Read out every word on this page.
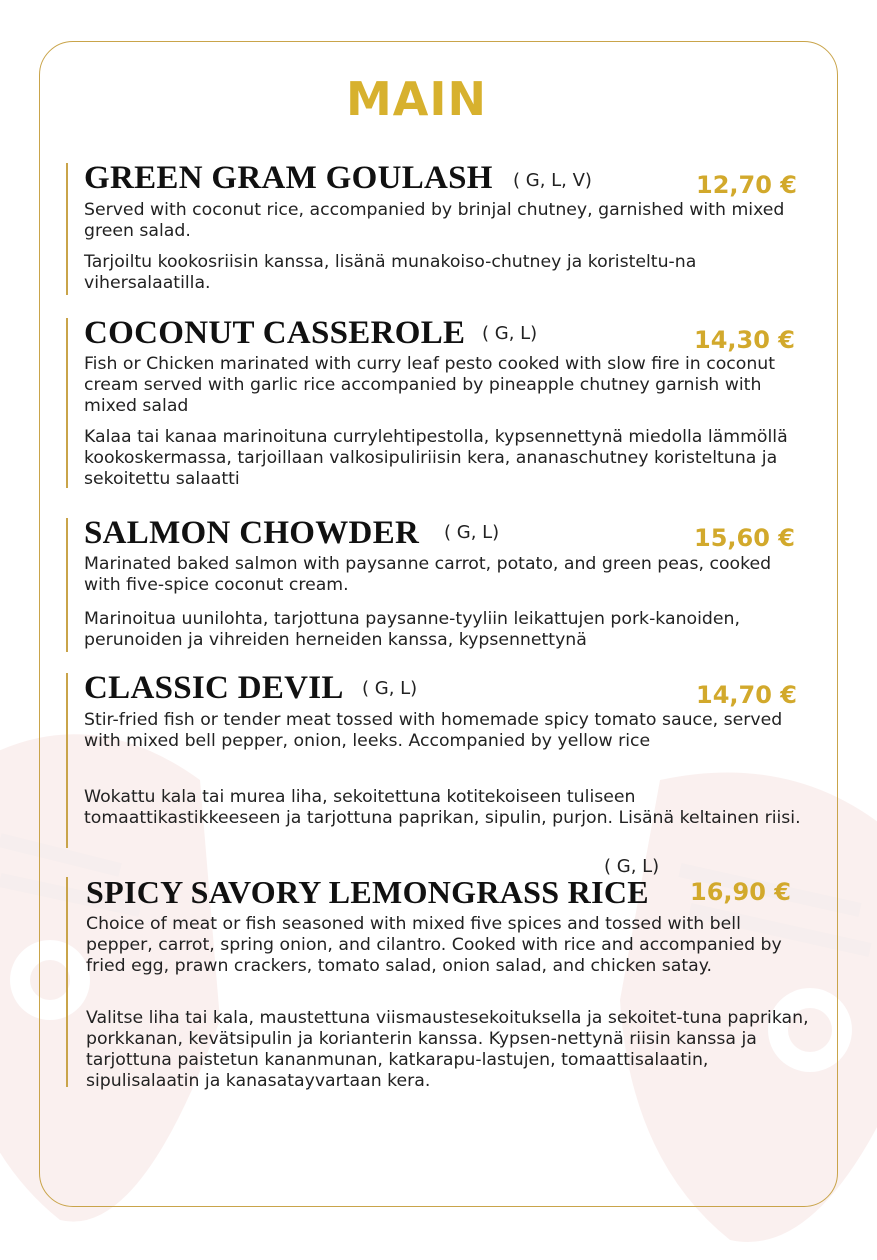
MAIN
GREEN GRAM GOULASH ( G, L, V)	12,70 €
Served with coconut rice, accompanied by brinjal chutney, garnished with mixed green salad.
Tarjoiltu kookosriisin kanssa, lisänä munakoiso-chutney ja koristeltu-na vihersalaatilla.
COCONUT CASSEROLE ( G, L)	14,30 €
Fish or Chicken marinated with curry leaf pesto cooked with slow fire in coconut cream served with garlic rice accompanied by pineapple chutney garnish with mixed salad
Kalaa tai kanaa marinoituna currylehtipestolla, kypsennettynä miedolla lämmöllä kookoskermassa, tarjoillaan valkosipuliriisin kera, ananaschutney koristeltuna ja sekoitettu salaatti
SALMON CHOWDER ( G, L)	15,60 €
Marinated baked salmon with paysanne carrot, potato, and green peas, cooked with five-spice coconut cream.
Marinoitua uunilohta, tarjottuna paysanne-tyyliin leikattujen pork-kanoiden, perunoiden ja vihreiden herneiden kanssa, kypsennettynä
CLASSIC DEVIL ( G, L)	14,70 €
Stir-fried fish or tender meat tossed with homemade spicy tomato sauce, served with mixed bell pepper, onion, leeks. Accompanied by yellow rice
Wokattu kala tai murea liha, sekoitettuna kotitekoiseen tuliseen tomaattikastikkeeseen ja tarjottuna paprikan, sipulin, purjon. Lisänä keltainen riisi.
( G, L)
SPICY SAVORY LEMONGRASS RICE 16,90 €
Choice of meat or fish seasoned with mixed five spices and tossed with bell pepper, carrot, spring onion, and cilantro. Cooked with rice and accompanied by fried egg, prawn crackers, tomato salad, onion salad, and chicken satay.
Valitse liha tai kala, maustettuna viismaustesekoituksella ja sekoitet-tuna paprikan, porkkanan, kevätsipulin ja korianterin kanssa. Kypsen-nettynä riisin kanssa ja tarjottuna paistetun kananmunan, katkarapu-lastujen, tomaattisalaatin, sipulisalaatin ja kanasatayvartaan kera.
